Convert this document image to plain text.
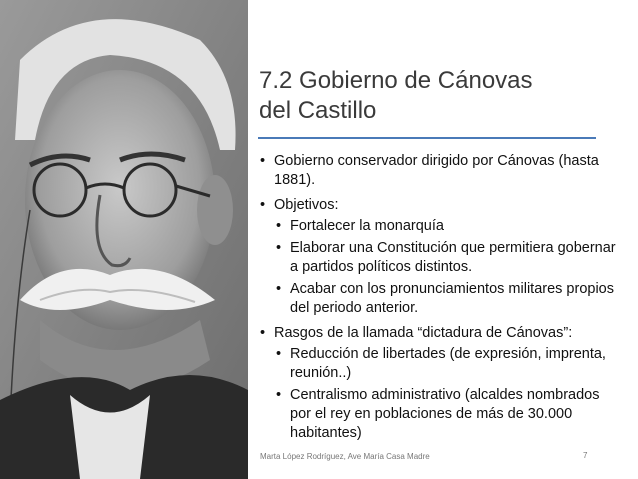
7.2 Gobierno de Cánovas
del Castillo
• Gobierno conservador dirigido por Cánovas (hasta 1881).
• Objetivos:
• Fortalecer la monarquía
• Elaborar una Constitución que permitiera gobernar a partidos políticos distintos.
• Acabar con los pronunciamientos militares propios del periodo anterior.
• Rasgos de la llamada “dictadura de Cánovas”:
• Reducción de libertades (de expresión, imprenta, reunión..)
• Centralismo administrativo (alcaldes nombrados por el rey en poblaciones de más de 30.000 habitantes)
Marta López Rodríguez, Ave María Casa Madre	7
